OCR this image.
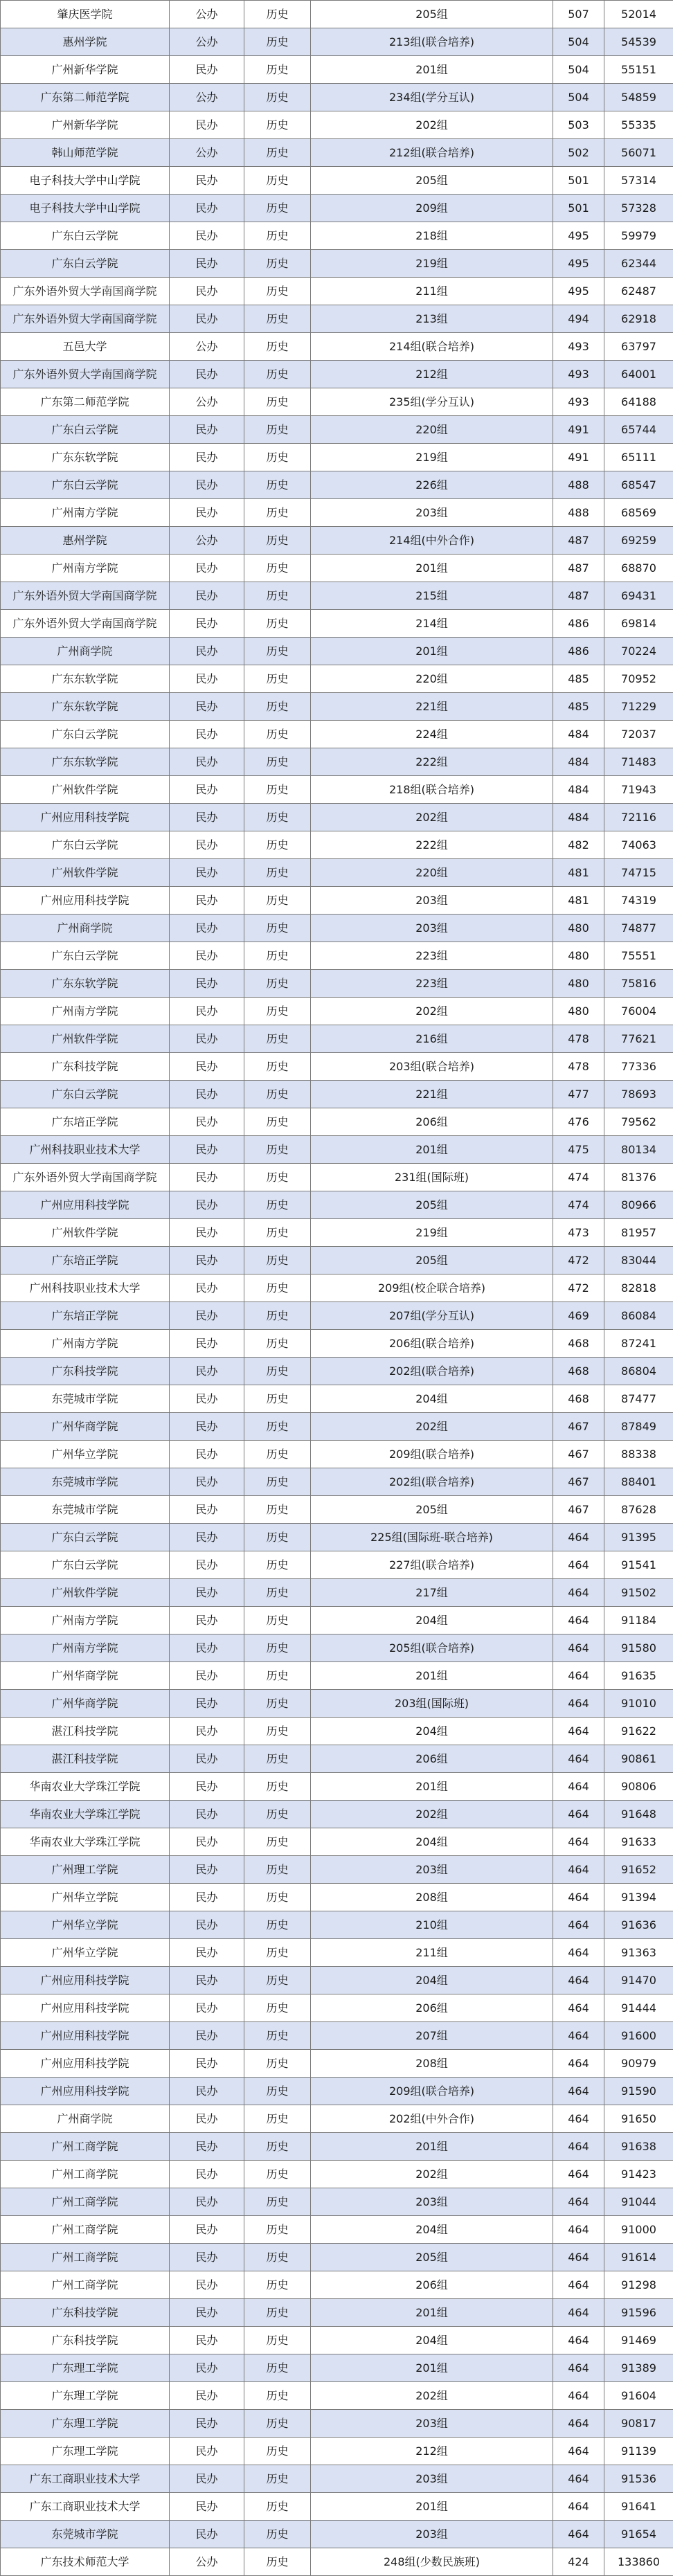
肇庆医学院	公办	历史	205组	507	52014
惠州学院	公办	历史	213组(联合培养)	504	54539
广州新华学院	民办	历史	201组	504	55151
广东第二师范学院	公办	历史	234组(学分互认)	504	54859
广州新华学院	民办	历史	202组	503	55335
韩山师范学院	公办	历史	212组(联合培养)	502	56071
电子科技大学中山学院	民办	历史	205组	501	57314
电子科技大学中山学院	民办	历史	209组	501	57328
广东白云学院	民办	历史	218组	495	59979
广东白云学院	民办	历史	219组	495	62344
广东外语外贸大学南国商学院	民办	历史	211组	495	62487
广东外语外贸大学南国商学院	民办	历史	213组	494	62918
五邑大学	公办	历史	214组(联合培养)	493	63797
广东外语外贸大学南国商学院	民办	历史	212组	493	64001
广东第二师范学院	公办	历史	235组(学分互认)	493	64188
广东白云学院	民办	历史	220组	491	65744
广东东软学院	民办	历史	219组	491	65111
广东白云学院	民办	历史	226组	488	68547
广州南方学院	民办	历史	203组	488	68569
惠州学院	公办	历史	214组(中外合作)	487	69259
广州南方学院	民办	历史	201组	487	68870
广东外语外贸大学南国商学院	民办	历史	215组	487	69431
广东外语外贸大学南国商学院	民办	历史	214组	486	69814
广州商学院	民办	历史	201组	486	70224
广东东软学院	民办	历史	220组	485	70952
广东东软学院	民办	历史	221组	485	71229
广东白云学院	民办	历史	224组	484	72037
广东东软学院	民办	历史	222组	484	71483
广州软件学院	民办	历史	218组(联合培养)	484	71943
广州应用科技学院	民办	历史	202组	484	72116
广东白云学院	民办	历史	222组	482	74063
广州软件学院	民办	历史	220组	481	74715
广州应用科技学院	民办	历史	203组	481	74319
广州商学院	民办	历史	203组	480	74877
广东白云学院	民办	历史	223组	480	75551
广东东软学院	民办	历史	223组	480	75816
广州南方学院	民办	历史	202组	480	76004
广州软件学院	民办	历史	216组	478	77621
广东科技学院	民办	历史	203组(联合培养)	478	77336
广东白云学院	民办	历史	221组	477	78693
广东培正学院	民办	历史	206组	476	79562
广州科技职业技术大学	民办	历史	201组	475	80134
广东外语外贸大学南国商学院	民办	历史	231组(国际班)	474	81376
广州应用科技学院	民办	历史	205组	474	80966
广州软件学院	民办	历史	219组	473	81957
广东培正学院	民办	历史	205组	472	83044
广州科技职业技术大学	民办	历史	209组(校企联合培养)	472	82818
广东培正学院	民办	历史	207组(学分互认)	469	86084
广州南方学院	民办	历史	206组(联合培养)	468	87241
广东科技学院	民办	历史	202组(联合培养)	468	86804
东莞城市学院	民办	历史	204组	468	87477
广州华商学院	民办	历史	202组	467	87849
广州华立学院	民办	历史	209组(联合培养)	467	88338
东莞城市学院	民办	历史	202组(联合培养)	467	88401
东莞城市学院	民办	历史	205组	467	87628
广东白云学院	民办	历史	225组(国际班-联合培养)	464	91395
广东白云学院	民办	历史	227组(联合培养)	464	91541
广州软件学院	民办	历史	217组	464	91502
广州南方学院	民办	历史	204组	464	91184
广州南方学院	民办	历史	205组(联合培养)	464	91580
广州华商学院	民办	历史	201组	464	91635
广州华商学院	民办	历史	203组(国际班)	464	91010
湛江科技学院	民办	历史	204组	464	91622
湛江科技学院	民办	历史	206组	464	90861
华南农业大学珠江学院	民办	历史	201组	464	90806
华南农业大学珠江学院	民办	历史	202组	464	91648
华南农业大学珠江学院	民办	历史	204组	464	91633
广州理工学院	民办	历史	203组	464	91652
广州华立学院	民办	历史	208组	464	91394
广州华立学院	民办	历史	210组	464	91636
广州华立学院	民办	历史	211组	464	91363
广州应用科技学院	民办	历史	204组	464	91470
广州应用科技学院	民办	历史	206组	464	91444
广州应用科技学院	民办	历史	207组	464	91600
广州应用科技学院	民办	历史	208组	464	90979
广州应用科技学院	民办	历史	209组(联合培养)	464	91590
广州商学院	民办	历史	202组(中外合作)	464	91650
广州工商学院	民办	历史	201组	464	91638
广州工商学院	民办	历史	202组	464	91423
广州工商学院	民办	历史	203组	464	91044
广州工商学院	民办	历史	204组	464	91000
广州工商学院	民办	历史	205组	464	91614
广州工商学院	民办	历史	206组	464	91298
广东科技学院	民办	历史	201组	464	91596
广东科技学院	民办	历史	204组	464	91469
广东理工学院	民办	历史	201组	464	91389
广东理工学院	民办	历史	202组	464	91604
广东理工学院	民办	历史	203组	464	90817
广东理工学院	民办	历史	212组	464	91139
广东工商职业技术大学	民办	历史	203组	464	91536
广东工商职业技术大学	民办	历史	201组	464	91641
东莞城市学院	民办	历史	203组	464	91654
广东技术师范大学	公办	历史	248组(少数民族班)	424	133860
